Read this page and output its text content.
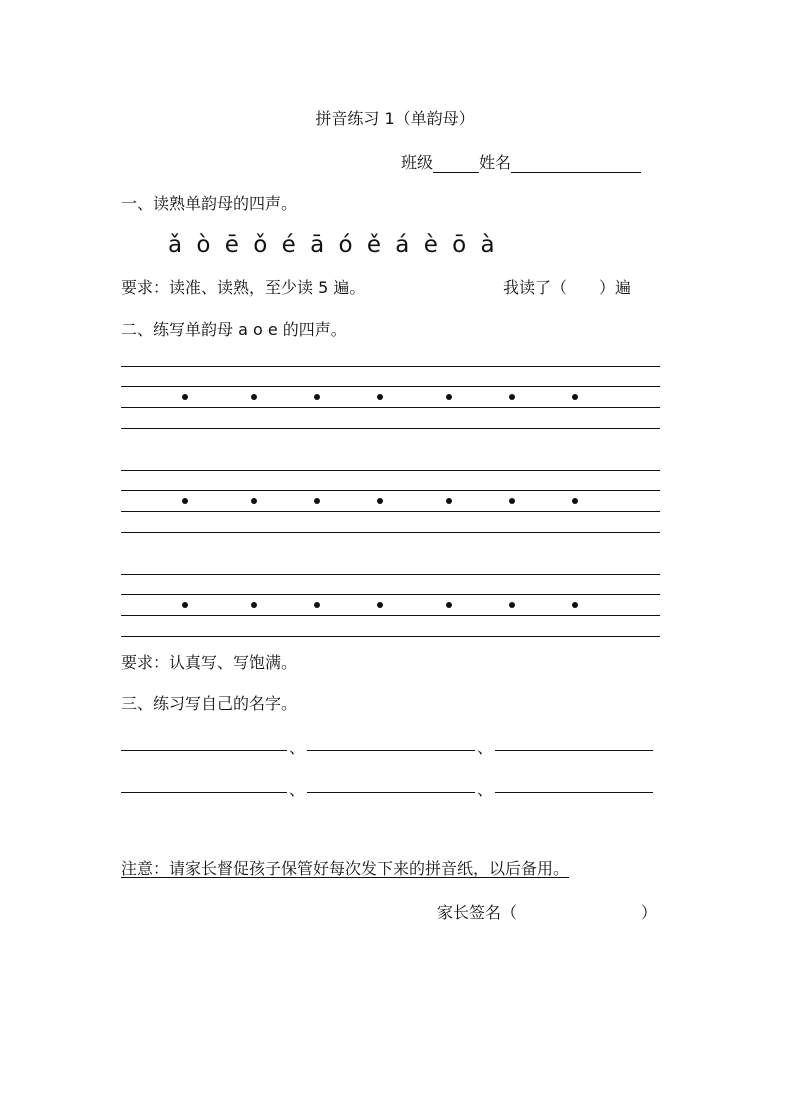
拼音练习 1（单韵母）
班级	姓名
一、读熟单韵母的四声。
ǎ ò ē ǒ é ā ó ě á è ō à
要求：读准、读熟，至少读 5 遍。	我读了（　　）遍
二、练写单韵母 a o e 的四声。
要求：认真写、写饱满。
三、练习写自己的名字。
、	、
、	、
注意：请家长督促孩子保管好每次发下来的拼音纸，以后备用。
家长签名（	）
